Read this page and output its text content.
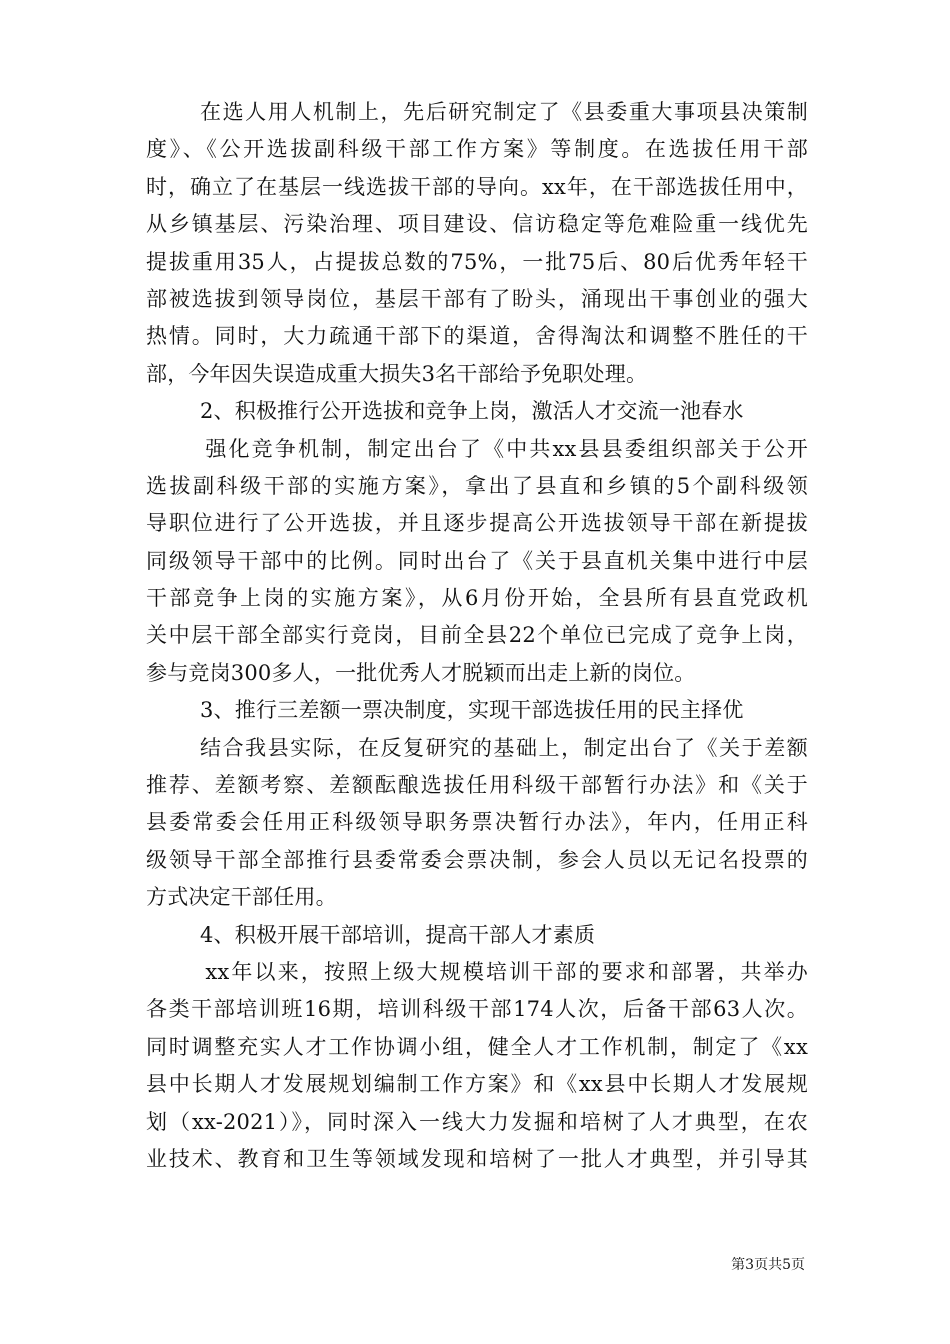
在选人用人机制上，先后研究制定了《县委重大事项县决策制
度》、《公开选拔副科级干部工作方案》等制度。在选拔任用干部
时，确立了在基层一线选拔干部的导向。xx年，在干部选拔任用中，
从乡镇基层、污染治理、项目建设、信访稳定等危难险重一线优先
提拔重用35人，占提拔总数的75%，一批75后、80后优秀年轻干
部被选拔到领导岗位，基层干部有了盼头，涌现出干事创业的强大
热情。同时，大力疏通干部下的渠道，舍得淘汰和调整不胜任的干
部，今年因失误造成重大损失3名干部给予免职处理。
2、积极推行公开选拔和竞争上岗，激活人才交流一池春水
强化竞争机制，制定出台了《中共xx县县委组织部关于公开
选拔副科级干部的实施方案》，拿出了县直和乡镇的5个副科级领
导职位进行了公开选拔，并且逐步提高公开选拔领导干部在新提拔
同级领导干部中的比例。同时出台了《关于县直机关集中进行中层
干部竞争上岗的实施方案》，从6月份开始，全县所有县直党政机
关中层干部全部实行竞岗，目前全县22个单位已完成了竞争上岗，
参与竞岗300多人，一批优秀人才脱颖而出走上新的岗位。
3、推行三差额一票决制度，实现干部选拔任用的民主择优
结合我县实际，在反复研究的基础上，制定出台了《关于差额
推荐、差额考察、差额酝酿选拔任用科级干部暂行办法》和《关于
县委常委会任用正科级领导职务票决暂行办法》，年内，任用正科
级领导干部全部推行县委常委会票决制，参会人员以无记名投票的
方式决定干部任用。
4、积极开展干部培训，提高干部人才素质
xx年以来，按照上级大规模培训干部的要求和部署，共举办
各类干部培训班16期，培训科级干部174人次，后备干部63人次。
同时调整充实人才工作协调小组，健全人才工作机制，制定了《xx
县中长期人才发展规划编制工作方案》和《xx县中长期人才发展规
划（xx-2021）》，同时深入一线大力发掘和培树了人才典型，在农
业技术、教育和卫生等领域发现和培树了一批人才典型，并引导其
第3页共5页
